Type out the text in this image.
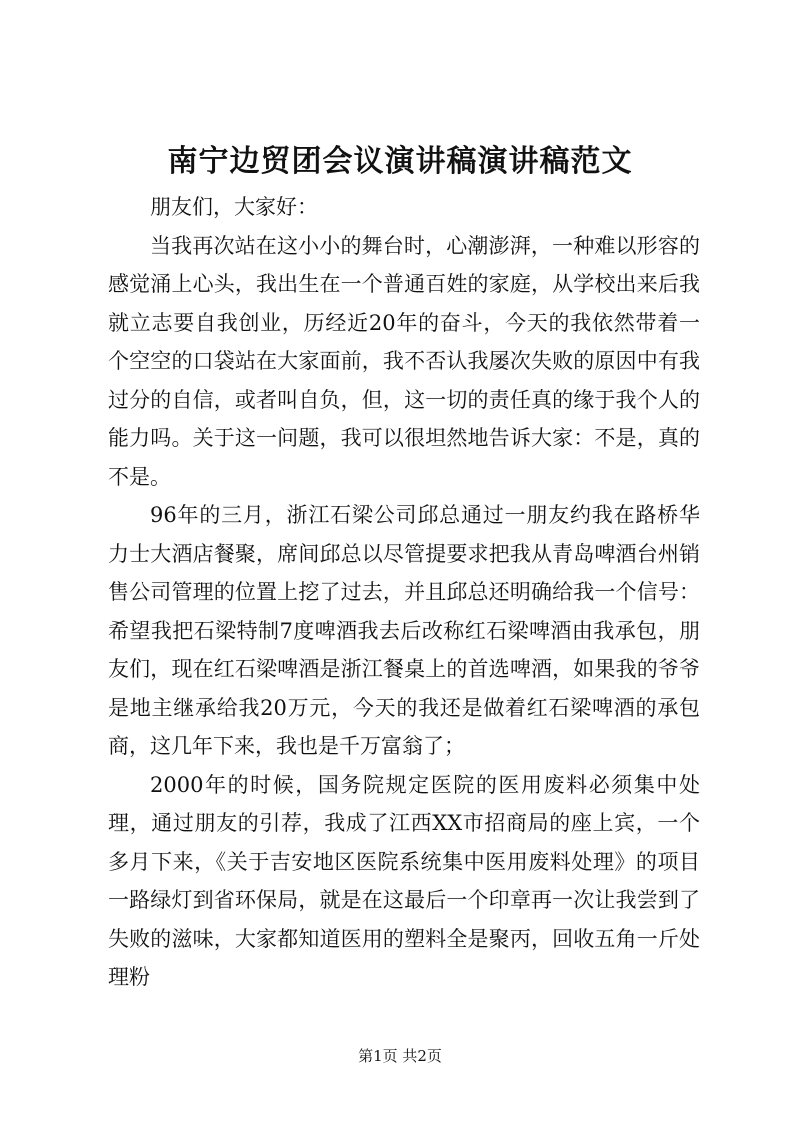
南宁边贸团会议演讲稿演讲稿范文

朋友们，大家好：

当我再次站在这小小的舞台时，心潮澎湃，一种难以形容的感觉涌上心头，我出生在一个普通百姓的家庭，从学校出来后我就立志要自我创业，历经近20年的奋斗，今天的我依然带着一个空空的口袋站在大家面前，我不否认我屡次失败的原因中有我过分的自信，或者叫自负，但，这一切的责任真的缘于我个人的能力吗。关于这一问题，我可以很坦然地告诉大家：不是，真的不是。

96年的三月，浙江石梁公司邱总通过一朋友约我在路桥华力士大酒店餐聚，席间邱总以尽管提要求把我从青岛啤酒台州销售公司管理的位置上挖了过去，并且邱总还明确给我一个信号：希望我把石梁特制7度啤酒我去后改称红石梁啤酒由我承包，朋友们，现在红石梁啤酒是浙江餐桌上的首选啤酒，如果我的爷爷是地主继承给我20万元，今天的我还是做着红石梁啤酒的承包商，这几年下来，我也是千万富翁了；

2000年的时候，国务院规定医院的医用废料必须集中处理，通过朋友的引荐，我成了江西XX市招商局的座上宾，一个多月下来，《关于吉安地区医院系统集中医用废料处理》的项目一路绿灯到省环保局，就是在这最后一个印章再一次让我尝到了失败的滋味，大家都知道医用的塑料全是聚丙，回收五角一斤处理粉

第1页 共2页
